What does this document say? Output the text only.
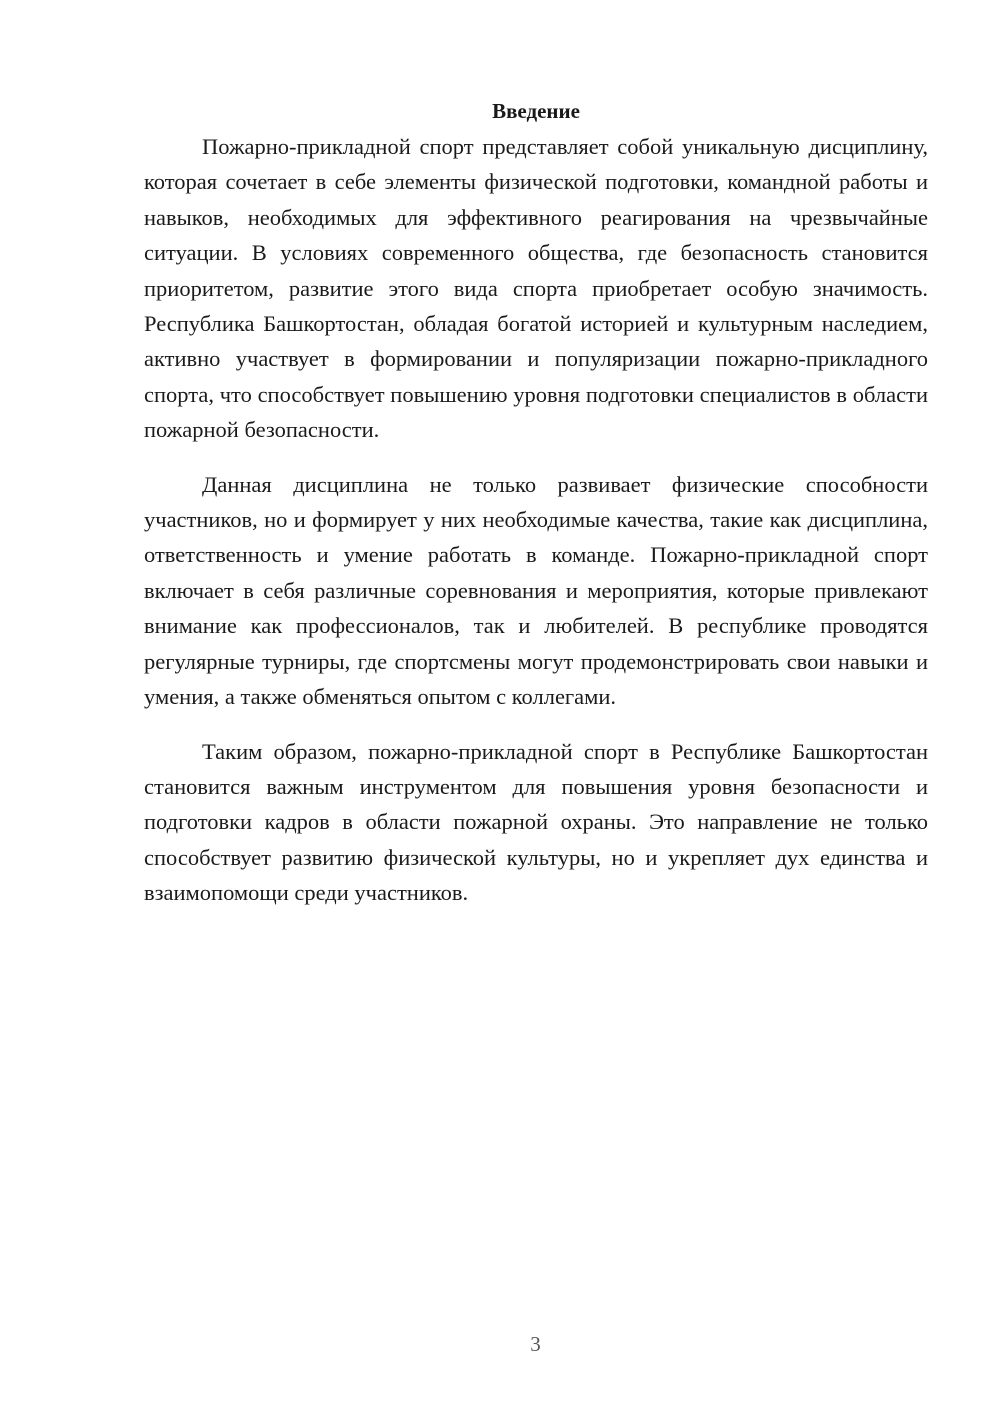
Введение

Пожарно-прикладной спорт представляет собой уникальную дисциплину, которая сочетает в себе элементы физической подготовки, командной работы и навыков, необходимых для эффективного реагирования на чрезвычайные ситуации. В условиях современного общества, где безопасность становится приоритетом, развитие этого вида спорта приобретает особую значимость. Республика Башкортостан, обладая богатой историей и культурным наследием, активно участвует в формировании и популяризации пожарно-прикладного спорта, что способствует повышению уровня подготовки специалистов в области пожарной безопасности.

Данная дисциплина не только развивает физические способности участников, но и формирует у них необходимые качества, такие как дисциплина, ответственность и умение работать в команде. Пожарно-прикладной спорт включает в себя различные соревнования и мероприятия, которые привлекают внимание как профессионалов, так и любителей. В республике проводятся регулярные турниры, где спортсмены могут продемонстрировать свои навыки и умения, а также обменяться опытом с коллегами.

Таким образом, пожарно-прикладной спорт в Республике Башкортостан становится важным инструментом для повышения уровня безопасности и подготовки кадров в области пожарной охраны. Это направление не только способствует развитию физической культуры, но и укрепляет дух единства и взаимопомощи среди участников.

3
